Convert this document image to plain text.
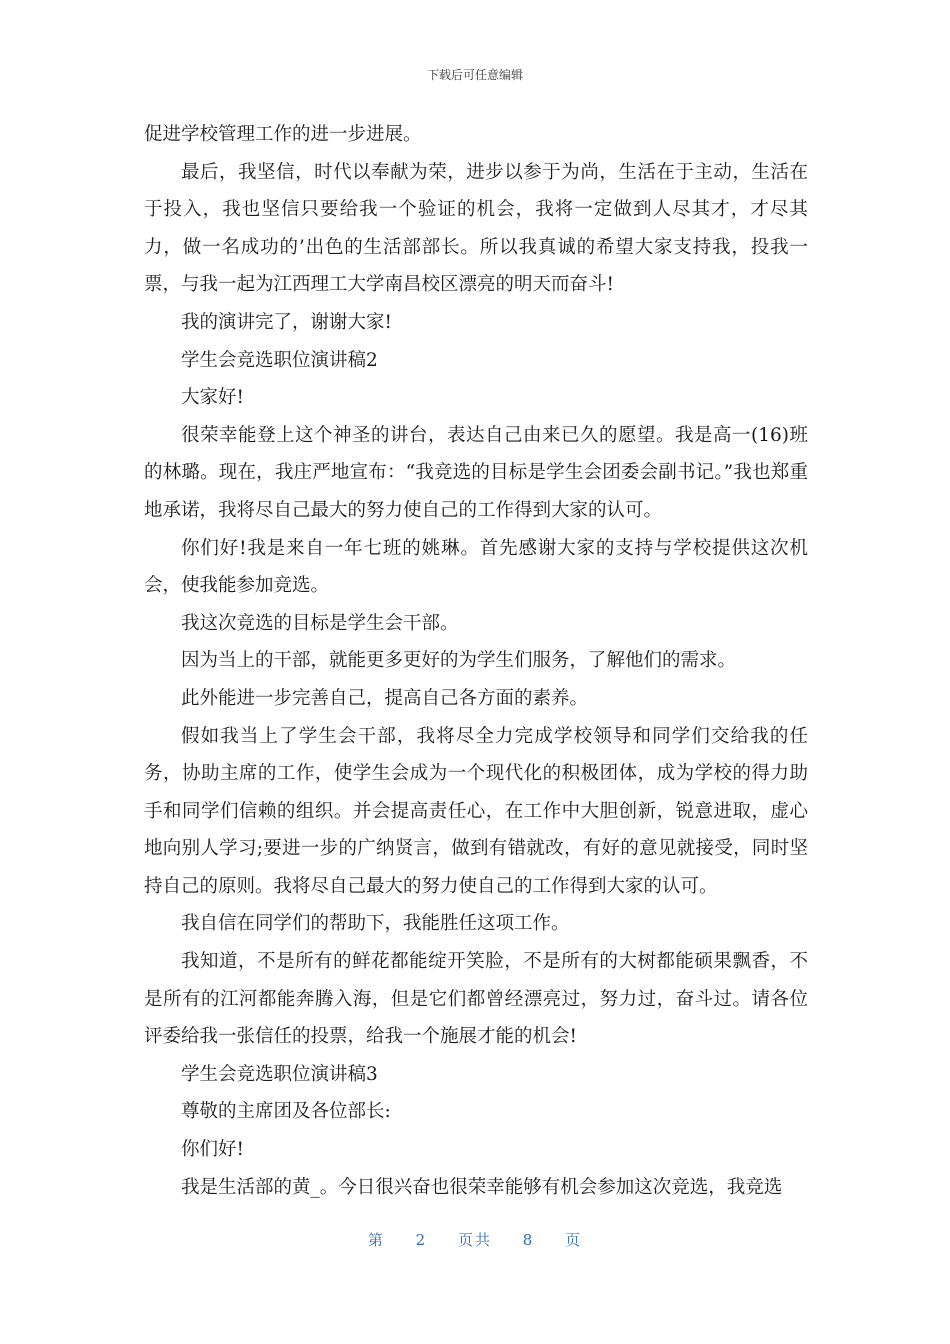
下载后可任意编辑

促进学校管理工作的进一步进展。

最后，我坚信，时代以奉献为荣，进步以参于为尚，生活在于主动，生活在于投入，我也坚信只要给我一个验证的机会，我将一定做到人尽其才，才尽其力，做一名成功的’出色的生活部部长。所以我真诚的希望大家支持我，投我一票，与我一起为江西理工大学南昌校区漂亮的明天而奋斗!

我的演讲完了，谢谢大家!

学生会竞选职位演讲稿2

大家好!

很荣幸能登上这个神圣的讲台，表达自己由来已久的愿望。我是高一(16)班的林璐。现在，我庄严地宣布：“我竞选的目标是学生会团委会副书记。”我也郑重地承诺，我将尽自己最大的努力使自己的工作得到大家的认可。

你们好!我是来自一年七班的姚琳。首先感谢大家的支持与学校提供这次机会，使我能参加竞选。

我这次竞选的目标是学生会干部。

因为当上的干部，就能更多更好的为学生们服务，了解他们的需求。

此外能进一步完善自己，提高自己各方面的素养。

假如我当上了学生会干部，我将尽全力完成学校领导和同学们交给我的任务，协助主席的工作，使学生会成为一个现代化的积极团体，成为学校的得力助手和同学们信赖的组织。并会提高责任心，在工作中大胆创新，锐意进取，虚心地向别人学习;要进一步的广纳贤言，做到有错就改，有好的意见就接受，同时坚持自己的原则。我将尽自己最大的努力使自己的工作得到大家的认可。

我自信在同学们的帮助下，我能胜任这项工作。

我知道，不是所有的鲜花都能绽开笑脸，不是所有的大树都能硕果飘香，不是所有的江河都能奔腾入海，但是它们都曾经漂亮过，努力过，奋斗过。请各位评委给我一张信任的投票，给我一个施展才能的机会!

学生会竞选职位演讲稿3

尊敬的主席团及各位部长:

你们好!

我是生活部的黄_。今日很兴奋也很荣幸能够有机会参加这次竞选，我竞选

第 2 页共 8 页
